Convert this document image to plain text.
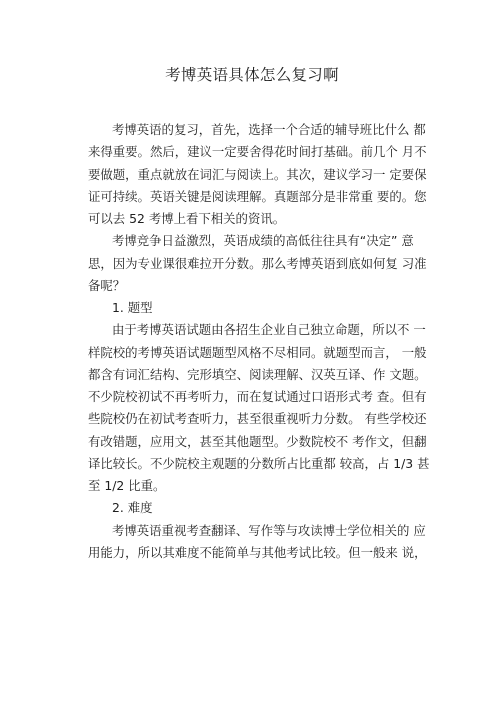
考博英语具体怎么复习啊
考博英语的复习，首先，选择一个合适的辅导班比什么 都
来得重要。然后，建议一定要舍得花时间打基础。前几个 月不
要做题，重点就放在词汇与阅读上。其次，建议学习一 定要保
证可持续。英语关键是阅读理解。真题部分是非常重 要的。您
可以去 52 考博上看下相关的资讯。
考博竞争日益激烈，英语成绩的高低往往具有“决定” 意
思，因为专业课很难拉开分数。那么考博英语到底如何复 习准
备呢？
1. 题型
由于考博英语试题由各招生企业自己独立命题，所以不 一
样院校的考博英语试题题型风格不尽相同。就题型而言， 一般
都含有词汇结构、完形填空、阅读理解、汉英互译、作 文题。
不少院校初试不再考听力，而在复试通过口语形式考 查。但有
些院校仍在初试考查听力，甚至很重视听力分数。 有些学校还
有改错题，应用文，甚至其他题型。少数院校不 考作文，但翻
译比较长。不少院校主观题的分数所占比重都 较高，占 1/3 甚
至 1/2 比重。
2. 难度
考博英语重视考查翻译、写作等与攻读博士学位相关的 应
用能力，所以其难度不能简单与其他考试比较。但一般来 说，
